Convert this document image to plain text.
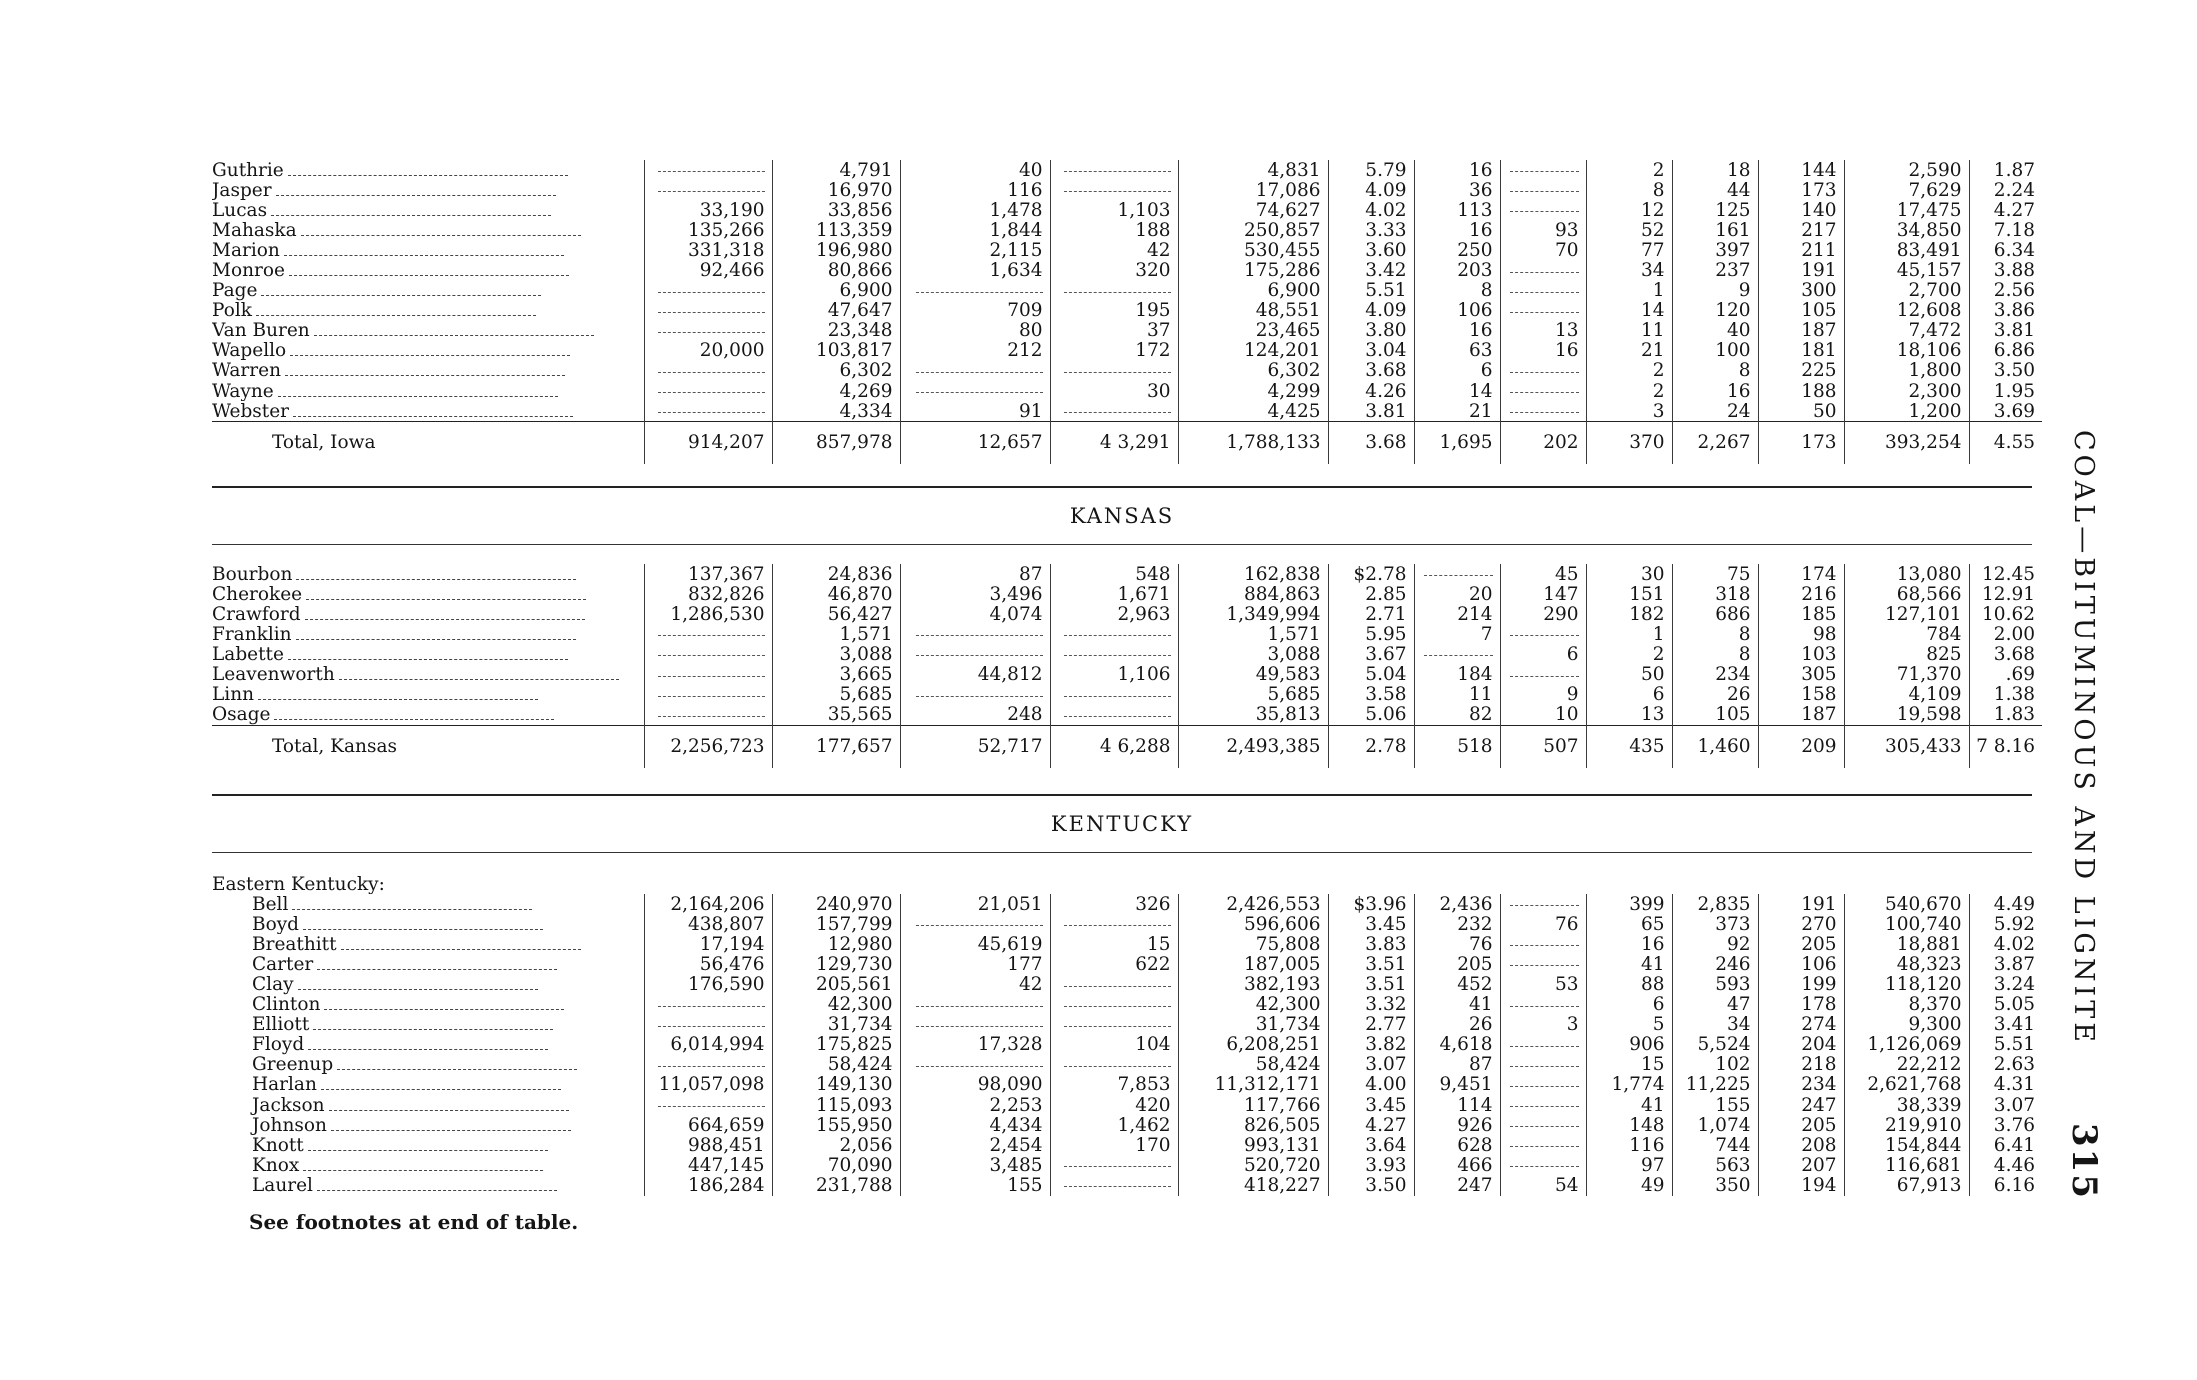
COAL—BITUMINOUS AND LIGNITE
315
Guthrie		4,791	40		4,831	5.79	16		2	18	144	2,590	1.87
Jasper		16,970	116		17,086	4.09	36		8	44	173	7,629	2.24
Lucas	33,190	33,856	1,478	1,103	74,627	4.02	113		12	125	140	17,475	4.27
Mahaska	135,266	113,359	1,844	188	250,857	3.33	16	93	52	161	217	34,850	7.18
Marion	331,318	196,980	2,115	42	530,455	3.60	250	70	77	397	211	83,491	6.34
Monroe	92,466	80,866	1,634	320	175,286	3.42	203		34	237	191	45,157	3.88
Page		6,900			6,900	5.51	8		1	9	300	2,700	2.56
Polk		47,647	709	195	48,551	4.09	106		14	120	105	12,608	3.86
Van Buren		23,348	80	37	23,465	3.80	16	13	11	40	187	7,472	3.81
Wapello	20,000	103,817	212	172	124,201	3.04	63	16	21	100	181	18,106	6.86
Warren		6,302			6,302	3.68	6		2	8	225	1,800	3.50
Wayne		4,269		30	4,299	4.26	14		2	16	188	2,300	1.95
Webster		4,334	91		4,425	3.81	21		3	24	50	1,200	3.69
Total, Iowa	914,207	857,978	12,657	4 3,291	1,788,133	3.68	1,695	202	370	2,267	173	393,254	4.55
KANSAS
Bourbon	137,367	24,836	87	548	162,838	$2.78		45	30	75	174	13,080	12.45
Cherokee	832,826	46,870	3,496	1,671	884,863	2.85	20	147	151	318	216	68,566	12.91
Crawford	1,286,530	56,427	4,074	2,963	1,349,994	2.71	214	290	182	686	185	127,101	10.62
Franklin		1,571			1,571	5.95	7		1	8	98	784	2.00
Labette		3,088			3,088	3.67		6	2	8	103	825	3.68
Leavenworth		3,665	44,812	1,106	49,583	5.04	184		50	234	305	71,370	.69
Linn		5,685			5,685	3.58	11	9	6	26	158	4,109	1.38
Osage		35,565	248		35,813	5.06	82	10	13	105	187	19,598	1.83
Total, Kansas	2,256,723	177,657	52,717	4 6,288	2,493,385	2.78	518	507	435	1,460	209	305,433	7 8.16
KENTUCKY
Eastern Kentucky:													
Bell	2,164,206	240,970	21,051	326	2,426,553	$3.96	2,436		399	2,835	191	540,670	4.49
Boyd	438,807	157,799			596,606	3.45	232	76	65	373	270	100,740	5.92
Breathitt	17,194	12,980	45,619	15	75,808	3.83	76		16	92	205	18,881	4.02
Carter	56,476	129,730	177	622	187,005	3.51	205		41	246	106	48,323	3.87
Clay	176,590	205,561	42		382,193	3.51	452	53	88	593	199	118,120	3.24
Clinton		42,300			42,300	3.32	41		6	47	178	8,370	5.05
Elliott		31,734			31,734	2.77	26	3	5	34	274	9,300	3.41
Floyd	6,014,994	175,825	17,328	104	6,208,251	3.82	4,618		906	5,524	204	1,126,069	5.51
Greenup		58,424			58,424	3.07	87		15	102	218	22,212	2.63
Harlan	11,057,098	149,130	98,090	7,853	11,312,171	4.00	9,451		1,774	11,225	234	2,621,768	4.31
Jackson		115,093	2,253	420	117,766	3.45	114		41	155	247	38,339	3.07
Johnson	664,659	155,950	4,434	1,462	826,505	4.27	926		148	1,074	205	219,910	3.76
Knott	988,451	2,056	2,454	170	993,131	3.64	628		116	744	208	154,844	6.41
Knox	447,145	70,090	3,485		520,720	3.93	466		97	563	207	116,681	4.46
Laurel	186,284	231,788	155		418,227	3.50	247	54	49	350	194	67,913	6.16
See footnotes at end of table.
